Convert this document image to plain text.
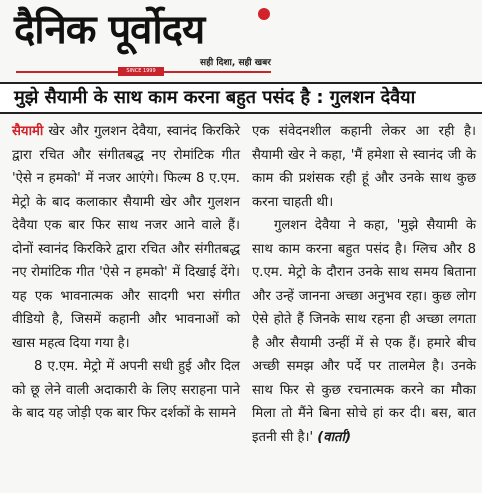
दैनिक पूर्वोदय
सही दिशा, सही खबर
SINCE 1999
मुझे सैयामी के साथ काम करना बहुत पसंद है : गुलशन देवैया

सैयामी खेर और गुलशन देवैया, स्वानंद किरकिरे द्वारा रचित और संगीतबद्ध नए रोमांटिक गीत 'ऐसे न हमको' में नजर आएंगे। फिल्म 8 ए.एम. मेट्रो के बाद कलाकार सैयामी खेर और गुलशन देवैया एक बार फिर साथ नजर आने वाले हैं। दोनों स्वानंद किरकिरे द्वारा रचित और संगीतबद्ध नए रोमांटिक गीत 'ऐसे न हमको' में दिखाई देंगे। यह एक भावनात्मक और सादगी भरा संगीत वीडियो है, जिसमें कहानी और भावनाओं को खास महत्व दिया गया है।

8 ए.एम. मेट्रो में अपनी सधी हुई और दिल को छू लेने वाली अदाकारी के लिए सराहना पाने के बाद यह जोड़ी एक बार फिर दर्शकों के सामने

एक संवेदनशील कहानी लेकर आ रही है। सैयामी खेर ने कहा, 'मैं हमेशा से स्वानंद जी के काम की प्रशंसक रही हूं और उनके साथ कुछ करना चाहती थी।

गुलशन देवैया ने कहा, 'मुझे सैयामी के साथ काम करना बहुत पसंद है। ग्लिच और 8 ए.एम. मेट्रो के दौरान उनके साथ समय बिताना और उन्हें जानना अच्छा अनुभव रहा। कुछ लोग ऐसे होते हैं जिनके साथ रहना ही अच्छा लगता है और सैयामी उन्हीं में से एक हैं। हमारे बीच अच्छी समझ और पर्दे पर तालमेल है। उनके साथ फिर से कुछ रचनात्मक करने का मौका मिला तो मैंने बिना सोचे हां कर दी। बस, बात इतनी सी है।' (वार्ता)
